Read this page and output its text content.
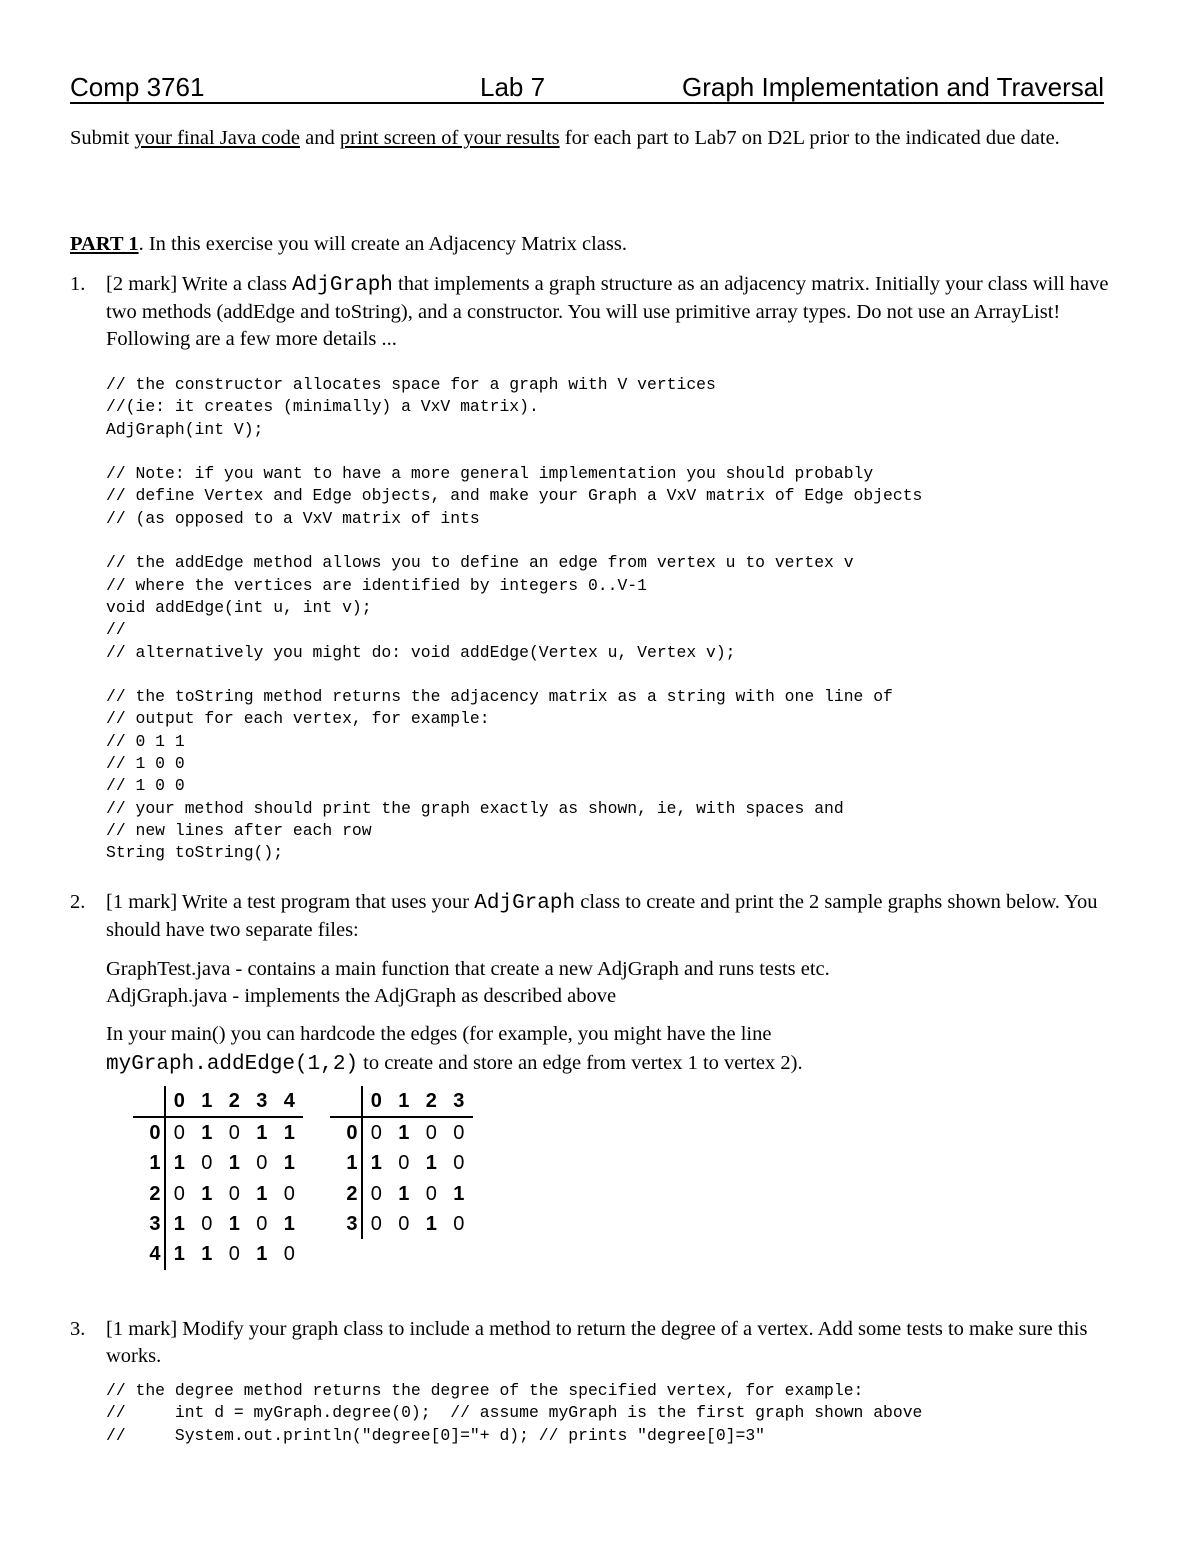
Comp 3761	Lab 7	Graph Implementation and Traversal
Submit your final Java code and print screen of your results for each part to Lab7 on D2L prior to the indicated due date.
PART 1. In this exercise you will create an Adjacency Matrix class.
1. [2 mark] Write a class AdjGraph that implements a graph structure as an adjacency matrix. Initially your class will have two methods (addEdge and toString), and a constructor. You will use primitive array types. Do not use an ArrayList! Following are a few more details ...
// the constructor allocates space for a graph with V vertices
//(ie: it creates (minimally) a VxV matrix).
AdjGraph(int V);

// Note: if you want to have a more general implementation you should probably
// define Vertex and Edge objects, and make your Graph a VxV matrix of Edge objects
// (as opposed to a VxV matrix of ints

// the addEdge method allows you to define an edge from vertex u to vertex v
// where the vertices are identified by integers 0..V-1
void addEdge(int u, int v);
//
// alternatively you might do: void addEdge(Vertex u, Vertex v);

// the toString method returns the adjacency matrix as a string with one line of
// output for each vertex, for example:
// 0 1 1
// 1 0 0
// 1 0 0
// your method should print the graph exactly as shown, ie, with spaces and
// new lines after each row
String toString();
2. [1 mark] Write a test program that uses your AdjGraph class to create and print the 2 sample graphs shown below. You should have two separate files:
GraphTest.java - contains a main function that create a new AdjGraph and runs tests etc.
AdjGraph.java - implements the AdjGraph as described above
In your main() you can hardcode the edges (for example, you might have the line
myGraph.addEdge(1,2) to create and store an edge from vertex 1 to vertex 2).
	0	1	2	3	4
0	0	1	0	1	1
1	1	0	1	0	1
2	0	1	0	1	0
3	1	0	1	0	1
4	1	1	0	1	0
	0	1	2	3
0	0	1	0	0
1	1	0	1	0
2	0	1	0	1
3	0	0	1	0
3. [1 mark] Modify your graph class to include a method to return the degree of a vertex. Add some tests to make sure this works.
// the degree method returns the degree of the specified vertex, for example:
//     int d = myGraph.degree(0);  // assume myGraph is the first graph shown above
//     System.out.println("degree[0]="+ d); // prints "degree[0]=3"
